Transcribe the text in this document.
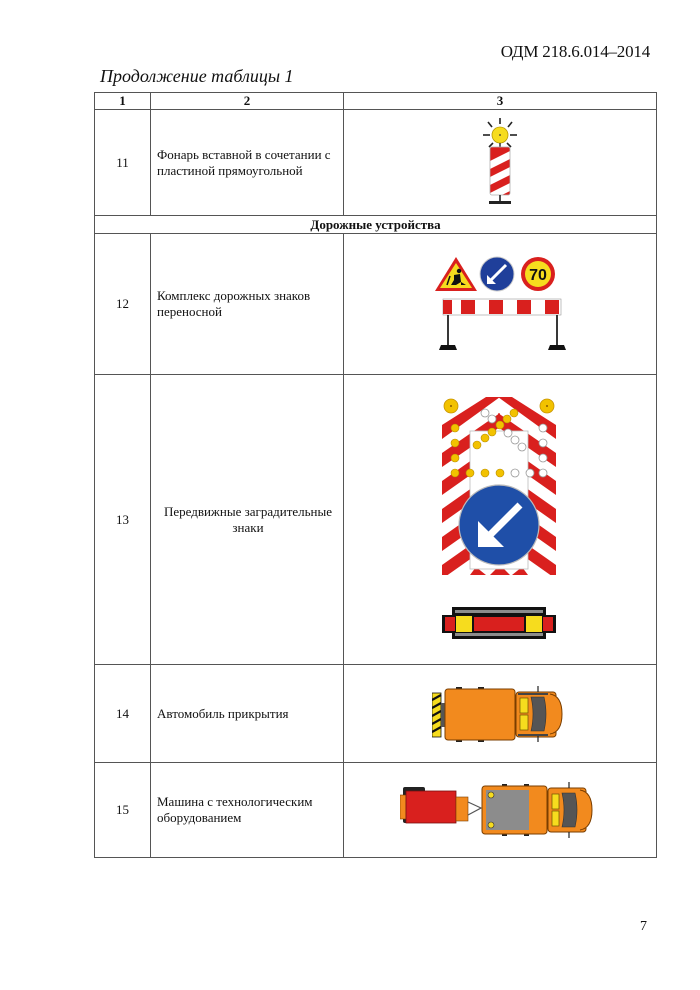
ОДМ 218.6.014–2014
Продолжение таблицы 1
1	2	3
11	Фонарь вставной в сочетании с пластиной прямоугольной	

Дорожные устройства		
12	Комплекс дорожных знаков переносной	70

13	Передвижные заградительные знаки	

14	Автомобиль прикрытия	

15	Машина с технологическим оборудованием	
7
